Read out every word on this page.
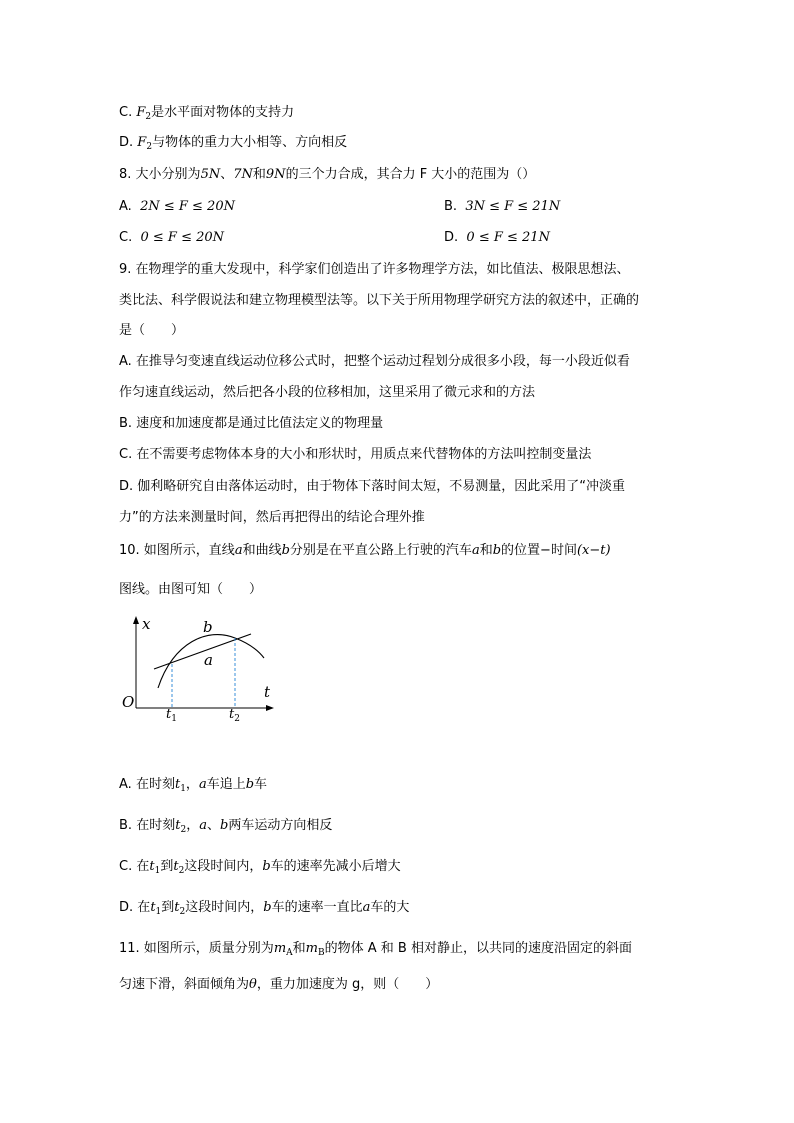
C. $F_2$是水平面对物体的支持力
D. $F_2$与物体的重力大小相等、方向相反
8. 大小分别为5N、7N和9N的三个力合成，其合力 F 大小的范围为（）
A. 2N ≤ F ≤ 20N	B. 3N ≤ F ≤ 21N
C. 0 ≤ F ≤ 20N	D. 0 ≤ F ≤ 21N
9. 在物理学的重大发现中，科学家们创造出了许多物理学方法，如比值法、极限思想法、
类比法、科学假说法和建立物理模型法等。以下关于所用物理学研究方法的叙述中，正确的
是（　　）
A. 在推导匀变速直线运动位移公式时，把整个运动过程划分成很多小段，每一小段近似看
作匀速直线运动，然后把各小段的位移相加，这里采用了微元求和的方法
B. 速度和加速度都是通过比值法定义的物理量
C. 在不需要考虑物体本身的大小和形状时，用质点来代替物体的方法叫控制变量法
D. 伽利略研究自由落体运动时，由于物体下落时间太短，不易测量，因此采用了“冲淡重
力”的方法来测量时间，然后再把得出的结论合理外推
10. 如图所示，直线a和曲线b分别是在平直公路上行驶的汽车a和b的位置−时间(x−t)
图线。由图可知（　　）
x
t
O
b
a
$t_1$	$t_2$
A. 在时刻$t_1$，a车追上b车
B. 在时刻$t_2$，a、b两车运动方向相反
C. 在$t_1$到$t_2$这段时间内，b车的速率先减小后增大
D. 在$t_1$到$t_2$这段时间内，b车的速率一直比a车的大
11. 如图所示，质量分别为$m_A$和$m_B$的物体 A 和 B 相对静止，以共同的速度沿固定的斜面
匀速下滑，斜面倾角为θ，重力加速度为 g，则（　　）
